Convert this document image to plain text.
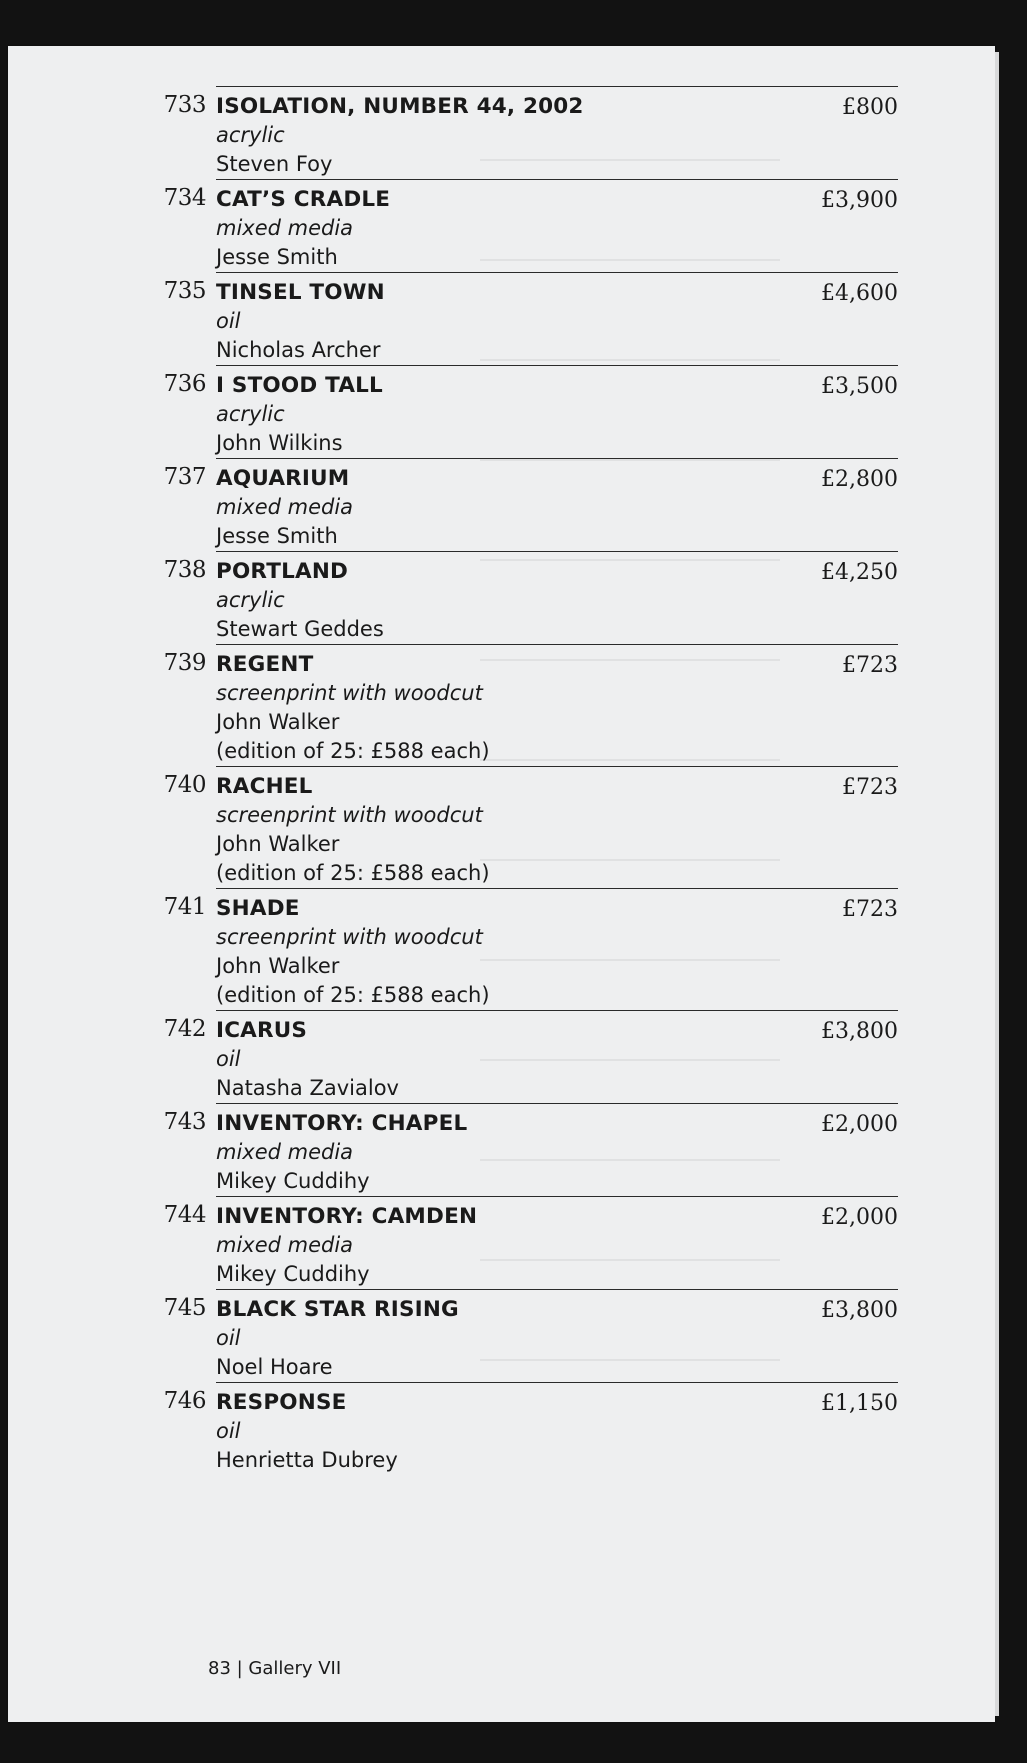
733 ISOLATION, NUMBER 44, 2002
acrylic
Steven Foy
£800
734 CAT’S CRADLE
mixed media
Jesse Smith
£3,900
735 TINSEL TOWN
oil
Nicholas Archer
£4,600
736 I STOOD TALL
acrylic
John Wilkins
£3,500
737 AQUARIUM
mixed media
Jesse Smith
£2,800
738 PORTLAND
acrylic
Stewart Geddes
£4,250
739 REGENT
screenprint with woodcut
John Walker
(edition of 25: £588 each)
£723
740 RACHEL
screenprint with woodcut
John Walker
(edition of 25: £588 each)
£723
741 SHADE
screenprint with woodcut
John Walker
(edition of 25: £588 each)
£723
742 ICARUS
oil
Natasha Zavialov
£3,800
743 INVENTORY: CHAPEL
mixed media
Mikey Cuddihy
£2,000
744 INVENTORY: CAMDEN
mixed media
Mikey Cuddihy
£2,000
745 BLACK STAR RISING
oil
Noel Hoare
£3,800
746 RESPONSE
oil
Henrietta Dubrey
£1,150
83 | Gallery VII
